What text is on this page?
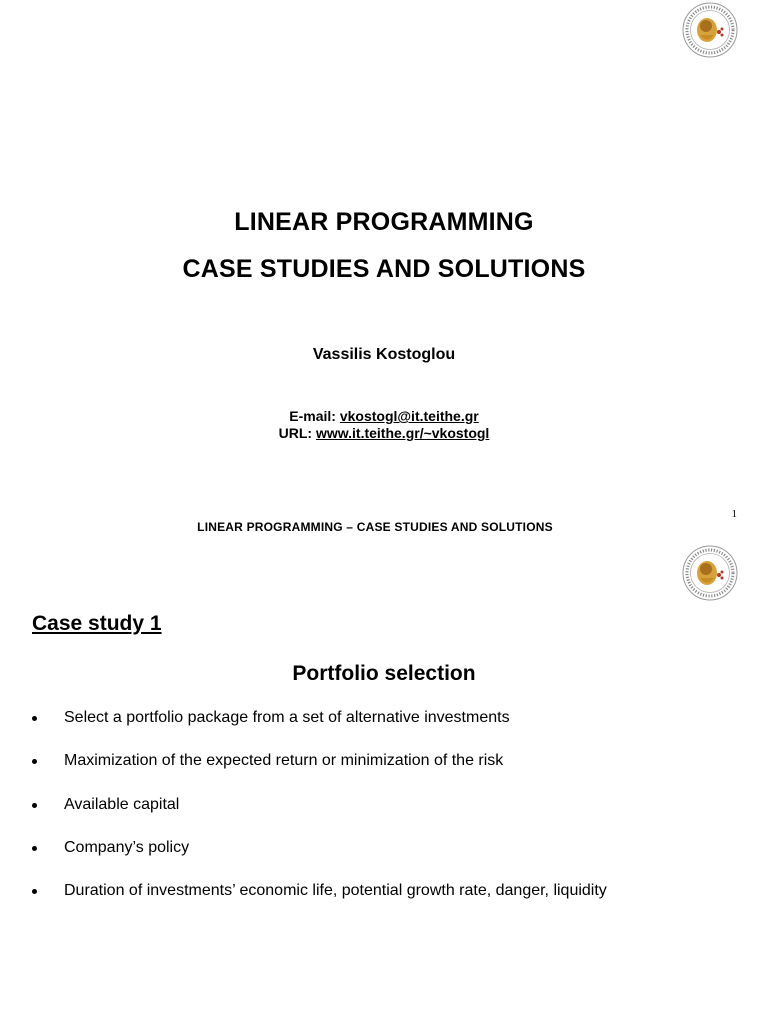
LINEAR PROGRAMMING
CASE STUDIES AND SOLUTIONS
Vassilis Kostoglou
E-mail: vkostogl@it.teithe.gr
URL: www.it.teithe.gr/~vkostogl
1
LINEAR PROGRAMMING – CASE STUDIES AND SOLUTIONS
Case study 1
Portfolio selection
Select a portfolio package from a set of alternative investments
Maximization of the expected return or minimization of the risk
Available capital
Company’s policy
Duration of investments’ economic life, potential growth rate, danger, liquidity
